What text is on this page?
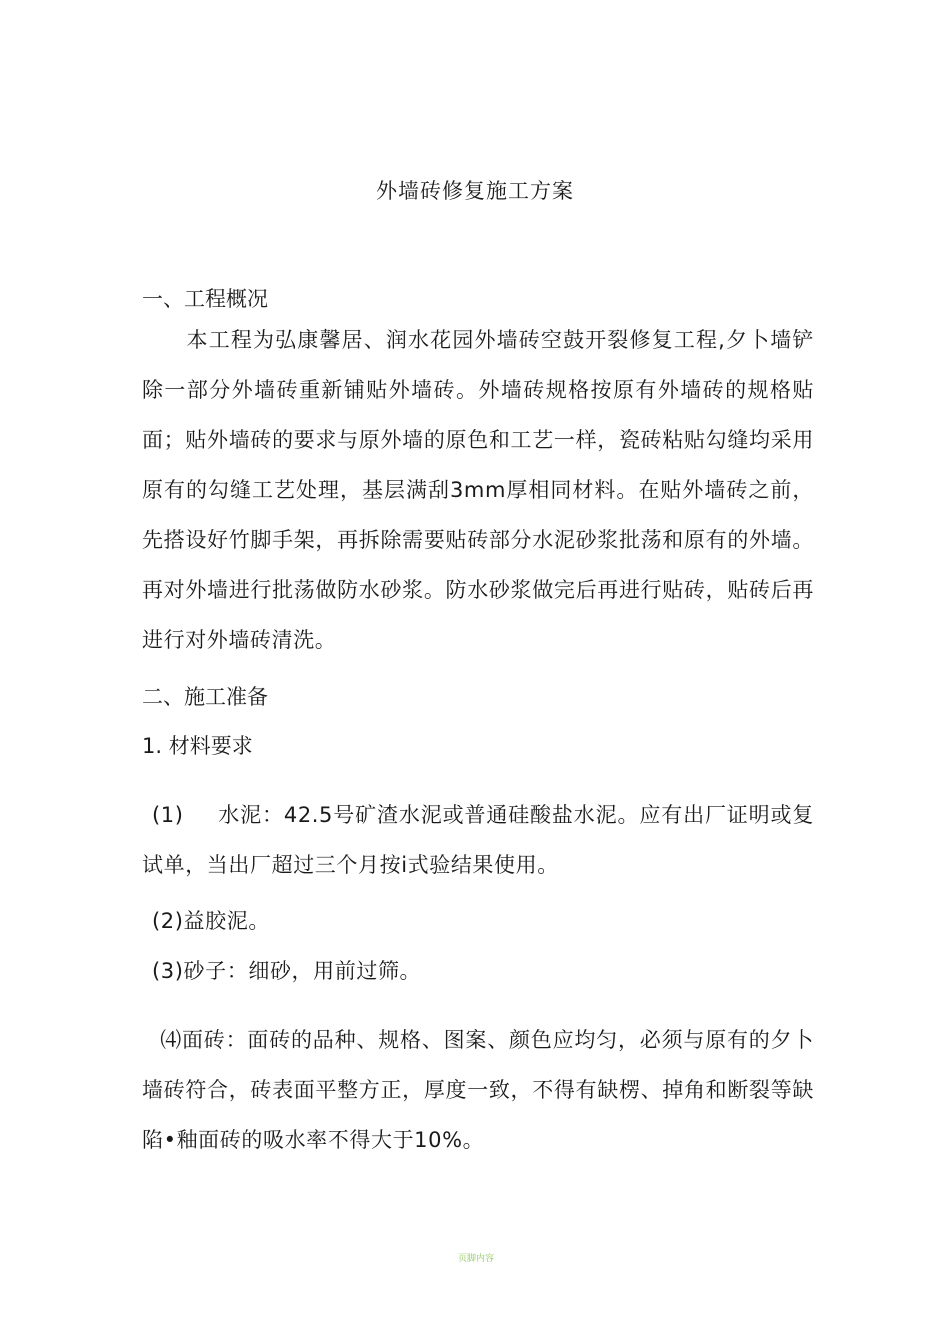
外墙砖修复施工方案
一、工程概况
本工程为弘康馨居、润水花园外墙砖空鼓开裂修复工程,夕卜墙铲除一部分外墙砖重新铺贴外墙砖。外墙砖规格按原有外墙砖的规格贴面；贴外墙砖的要求与原外墙的原色和工艺一样，瓷砖粘贴勾缝均采用原有的勾缝工艺处理，基层满刮3mm厚相同材料。在贴外墙砖之前，先搭设好竹脚手架，再拆除需要贴砖部分水泥砂浆批荡和原有的外墙。再对外墙进行批荡做防水砂浆。防水砂浆做完后再进行贴砖，贴砖后再进行对外墙砖清洗。
二、施工准备
1. 材料要求
(1) 水泥：42.5号矿渣水泥或普通硅酸盐水泥。应有出厂证明或复试单，当出厂超过三个月按i式验结果使用。
(2)益胶泥。
(3)砂子：细砂，用前过筛。
⑷面砖：面砖的品种、规格、图案、颜色应均匀，必须与原有的夕卜墙砖符合，砖表面平整方正，厚度一致，不得有缺楞、掉角和断裂等缺陷•釉面砖的吸水率不得大于10%。
页脚内容
